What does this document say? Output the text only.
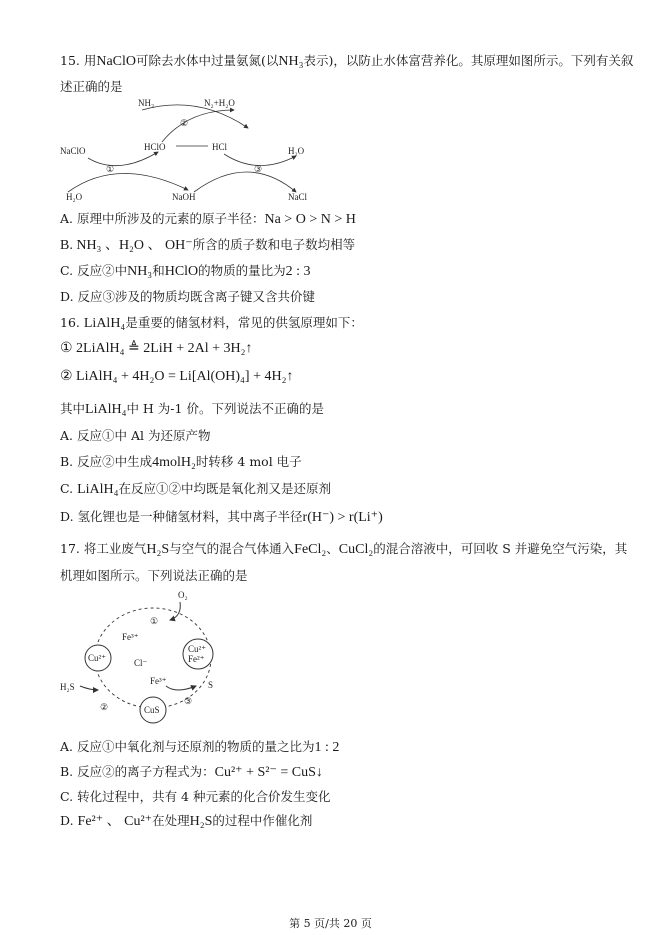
15. 用NaClO可除去水体中过量氨氮(以NH₃表示)，以防止水体富营养化。其原理如图所示。下列有关叙
述正确的是
NH₃	N₂+H₂O
②
NaClO
①
HClO	HCl
③
H₂O
H₂O	NaOH	NaCl
A. 原理中所涉及的元素的原子半径：Na > O > N > H
B. NH₃ 、H₂O 、 OH⁻所含的质子数和电子数均相等
C. 反应②中NH₃和HClO的物质的量比为2 : 3
D. 反应③涉及的物质均既含离子键又含共价键
16. LiAlH₄是重要的储氢材料，常见的供氢原理如下：
① 2LiAlH₄ ≜ 2LiH + 2Al + 3H₂↑
② LiAlH₄ + 4H₂O = Li[Al(OH)₄] + 4H₂↑
其中LiAlH₄中 H 为-1 价。下列说法不正确的是
A. 反应①中 Al 为还原产物
B. 反应②中生成4molH₂时转移 4 mol 电子
C. LiAlH₄在反应①②中均既是氧化剂又是还原剂
D. 氢化锂也是一种储氢材料，其中离子半径r(H⁻) > r(Li⁺)
17. 将工业废气H₂S与空气的混合气体通入FeCl₂、CuCl₂的混合溶液中，可回收 S 并避免空气污染，其
机理如图所示。下列说法正确的是
O₂
①
Fe³⁺
Cu²⁺	Cl⁻
Cu²⁺
Fe²⁺
Fe³⁺	S
③
H₂S
②	CuS
A. 反应①中氧化剂与还原剂的物质的量之比为1 : 2
B. 反应②的离子方程式为：Cu²⁺ + S²⁻ = CuS↓
C. 转化过程中，共有 4 种元素的化合价发生变化
D. Fe²⁺ 、 Cu²⁺在处理H₂S的过程中作催化剂
第 5 页/共 20 页
